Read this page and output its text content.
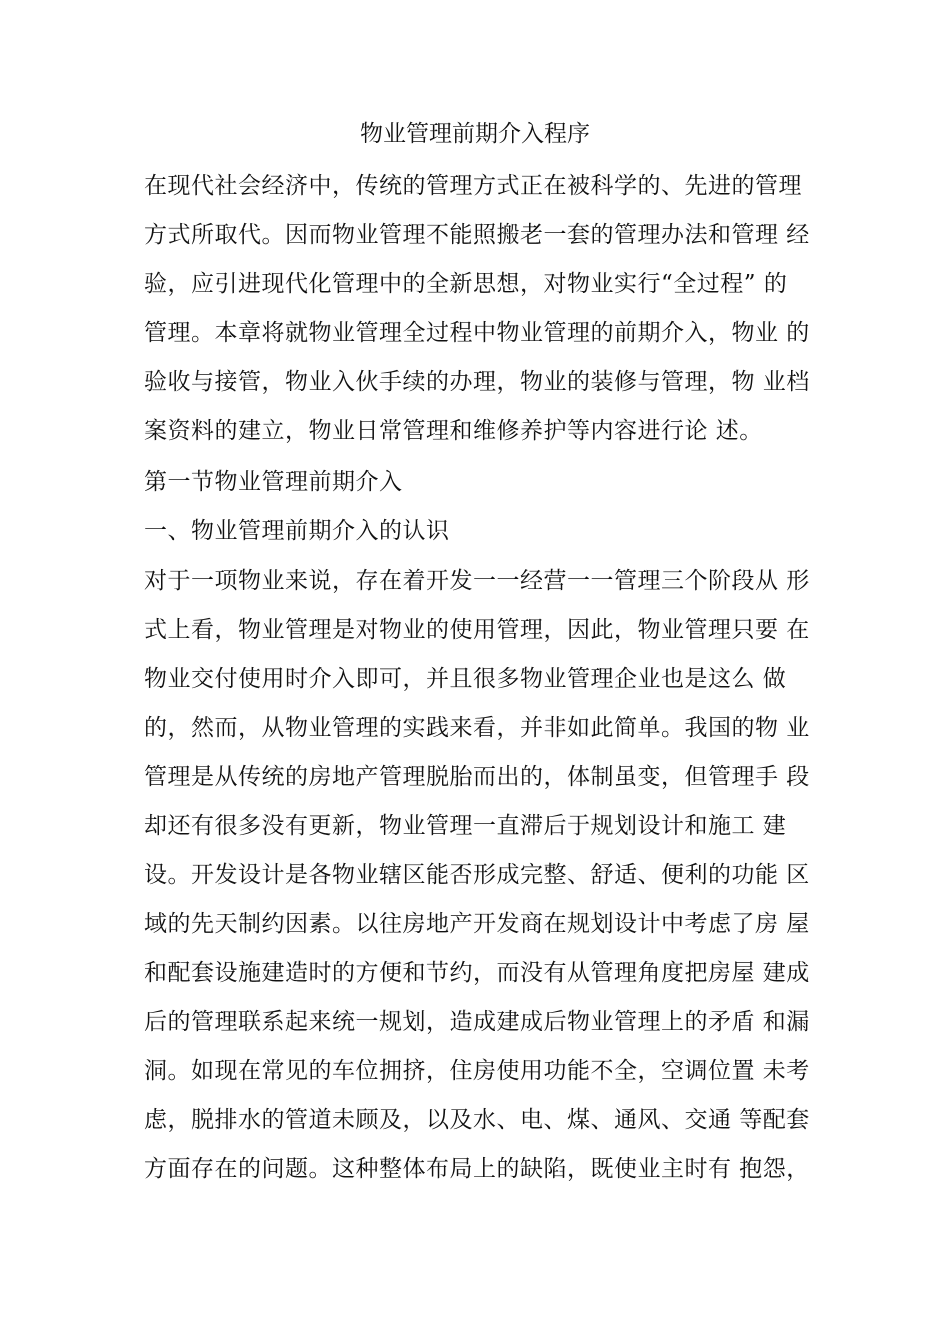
物业管理前期介入程序
在现代社会经济中，传统的管理方式正在被科学的、先进的管理
方式所取代。因而物业管理不能照搬老一套的管理办法和管理 经
验，应引进现代化管理中的全新思想，对物业实行“全过程” 的
管理。本章将就物业管理全过程中物业管理的前期介入，物业 的
验收与接管，物业入伙手续的办理，物业的装修与管理，物 业档
案资料的建立，物业日常管理和维修养护等内容进行论 述。
第一节物业管理前期介入
一、物业管理前期介入的认识
对于一项物业来说，存在着开发一一经营一一管理三个阶段从 形
式上看，物业管理是对物业的使用管理，因此，物业管理只要 在
物业交付使用时介入即可，并且很多物业管理企业也是这么 做
的，然而，从物业管理的实践来看，并非如此简单。我国的物 业
管理是从传统的房地产管理脱胎而出的，体制虽变，但管理手 段
却还有很多没有更新，物业管理一直滞后于规划设计和施工 建
设。开发设计是各物业辖区能否形成完整、舒适、便利的功能 区
域的先天制约因素。以往房地产开发商在规划设计中考虑了房 屋
和配套设施建造时的方便和节约，而没有从管理角度把房屋 建成
后的管理联系起来统一规划，造成建成后物业管理上的矛盾 和漏
洞。如现在常见的车位拥挤，住房使用功能不全，空调位置 未考
虑，脱排水的管道未顾及，以及水、电、煤、通风、交通 等配套
方面存在的问题。这种整体布局上的缺陷，既使业主时有 抱怨，
